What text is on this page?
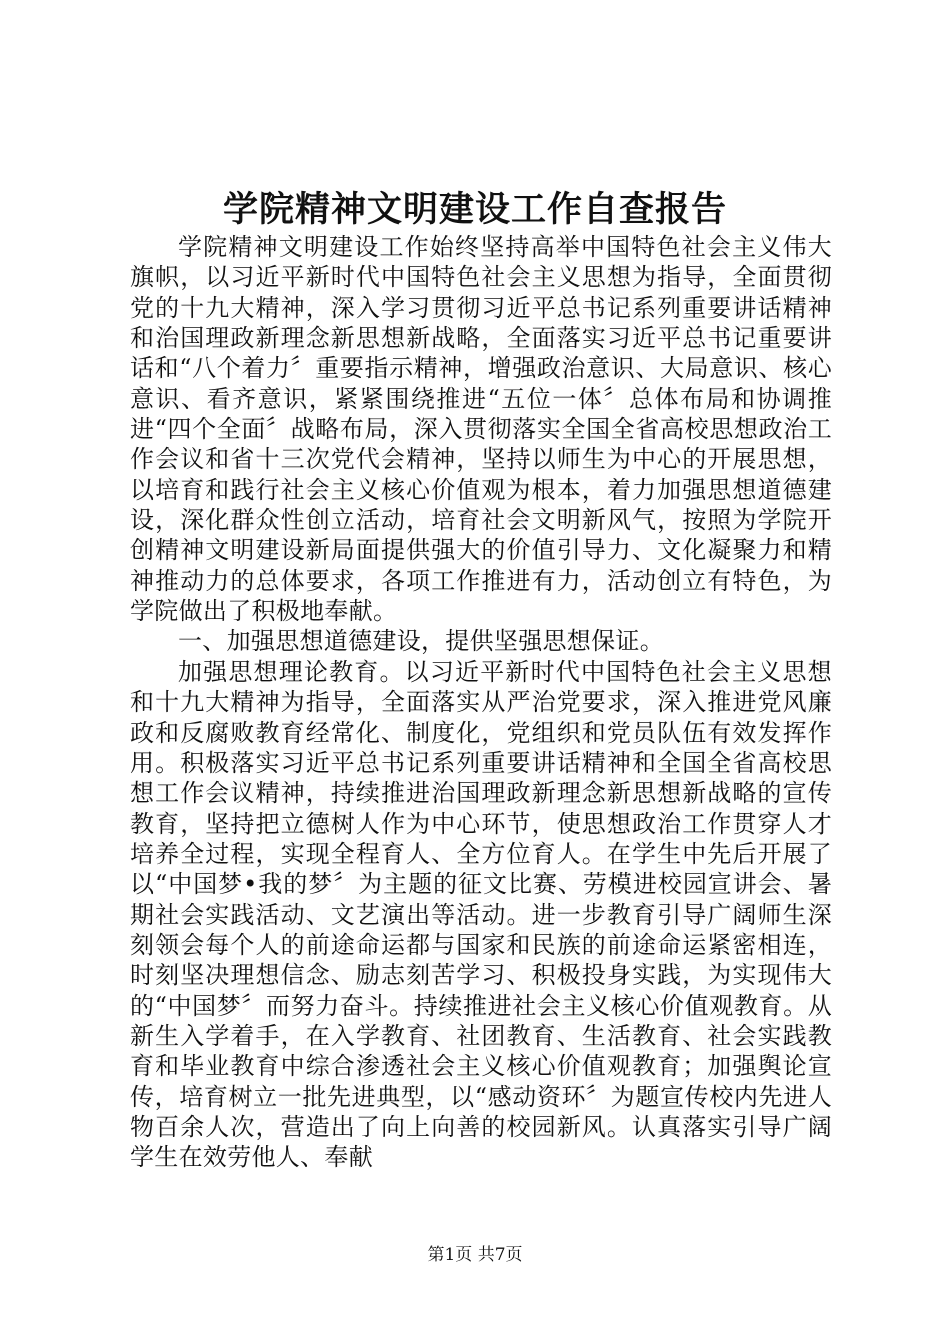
学院精神文明建设工作自查报告

学院精神文明建设工作始终坚持高举中国特色社会主义伟大旗帜，以习近平新时代中国特色社会主义思想为指导，全面贯彻党的十九大精神，深入学习贯彻习近平总书记系列重要讲话精神和治国理政新理念新思想新战略，全面落实习近平总书记重要讲话和“八个着力〞重要指示精神，增强政治意识、大局意识、核心意识、看齐意识，紧紧围绕推进“五位一体〞总体布局和协调推进“四个全面〞战略布局，深入贯彻落实全国全省高校思想政治工作会议和省十三次党代会精神，坚持以师生为中心的开展思想，以培育和践行社会主义核心价值观为根本，着力加强思想道德建设，深化群众性创立活动，培育社会文明新风气，按照为学院开创精神文明建设新局面提供强大的价值引导力、文化凝聚力和精神推动力的总体要求，各项工作推进有力，活动创立有特色，为学院做出了积极地奉献。

一、加强思想道德建设，提供坚强思想保证。

加强思想理论教育。以习近平新时代中国特色社会主义思想和十九大精神为指导，全面落实从严治党要求，深入推进党风廉政和反腐败教育经常化、制度化，党组织和党员队伍有效发挥作用。积极落实习近平总书记系列重要讲话精神和全国全省高校思想工作会议精神，持续推进治国理政新理念新思想新战略的宣传教育，坚持把立德树人作为中心环节，使思想政治工作贯穿人才培养全过程，实现全程育人、全方位育人。在学生中先后开展了以“中国梦•我的梦〞为主题的征文比赛、劳模进校园宣讲会、暑期社会实践活动、文艺演出等活动。进一步教育引导广阔师生深刻领会每个人的前途命运都与国家和民族的前途命运紧密相连，时刻坚决理想信念、励志刻苦学习、积极投身实践，为实现伟大的“中国梦〞而努力奋斗。持续推进社会主义核心价值观教育。从新生入学着手，在入学教育、社团教育、生活教育、社会实践教育和毕业教育中综合渗透社会主义核心价值观教育；加强舆论宣传，培育树立一批先进典型，以“感动资环〞为题宣传校内先进人物百余人次，营造出了向上向善的校园新风。认真落实引导广阔学生在效劳他人、奉献

第1页 共7页
